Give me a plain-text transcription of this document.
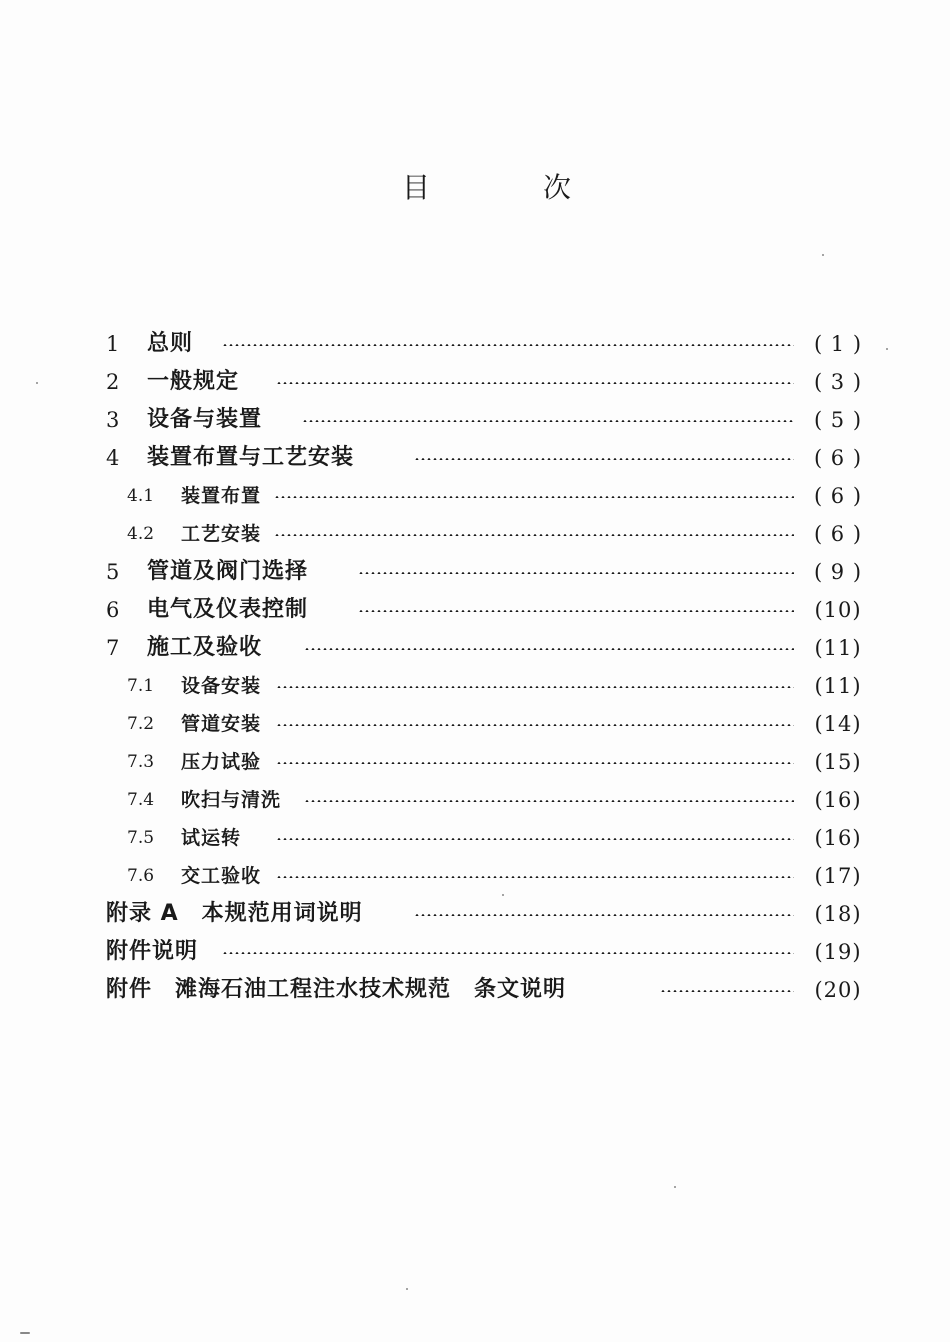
目	次
1 总则	( 1 )
2 一般规定	( 3 )
3 设备与装置	( 5 )
4 装置布置与工艺安装	( 6 )
4.1 装置布置	( 6 )
4.2 工艺安装	( 6 )
5 管道及阀门选择	( 9 )
6 电气及仪表控制	(10)
7 施工及验收	(11)
7.1 设备安装	(11)
7.2 管道安装	(14)
7.3 压力试验	(15)
7.4 吹扫与清洗	(16)
7.5 试运转	(16)
7.6 交工验收	(17)
附录 A　本规范用词说明	(18)
附件说明	(19)
附件　滩海石油工程注水技术规范　条文说明	(20)
